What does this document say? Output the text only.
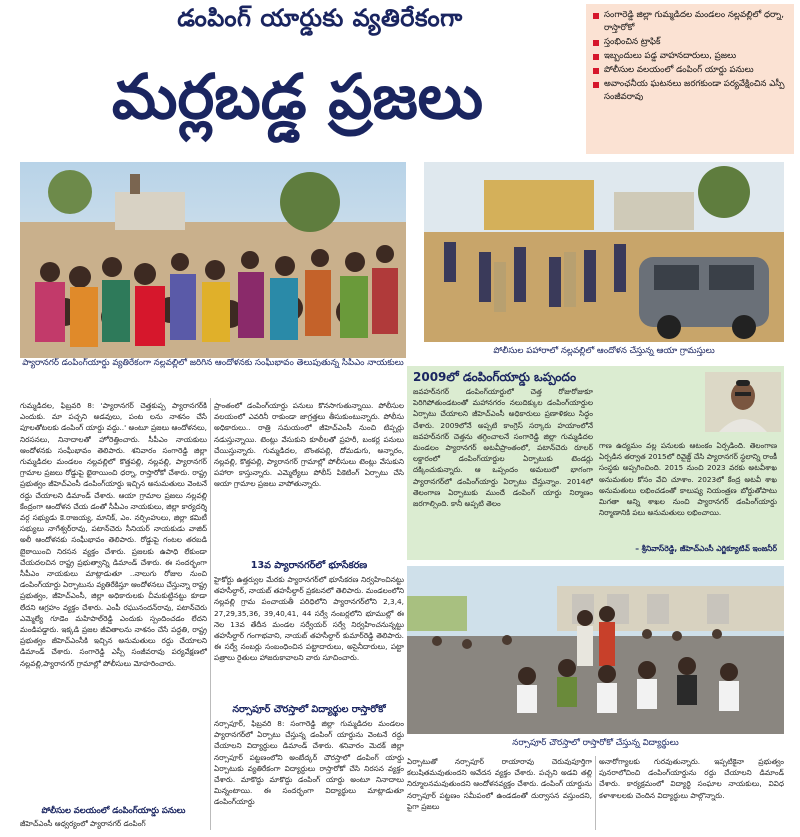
డంపింగ్ యార్డుకు వ్యతిరేకంగా
మర్లబడ్డ ప్రజలు
సంగారెడ్డి జిల్లా గుమ్మడిదల మండలం నల్లవల్లిలో ధర్నా, రాస్తారోకో
స్తంభించిన ట్రాఫిక్
ఇబ్బందులు పడ్డ వాహనదారులు, ప్రజలు
పోలీసుల వలయంలో డంపింగ్ యార్డు పనులు
అవాంఛనీయ ఘటనలు జరగకుండా పర్యవేక్షించిన ఎస్పీ సంజీవరావు
ప్యారానగర్ డంపింగ్‌యార్డు వ్యతిరేకంగా నల్లవల్లిలో జరిగిన ఆందోళనకు సంఘీభావం తెలుపుతున్న సీపీఎం నాయకులు
పోలీసుల పహారాలో నల్లవల్లిలో ఆందోళన చేస్తున్న ఆయా గ్రామస్తులు

గుమ్మడిదల, ఫిబ్రవరి 8: 'ప్యారానగర్ చెత్తకుప్ప ప్యారానగర్‌కి ఎందుకు. మా పచ్చని అడవులు, పంట లను నాశనం చేసే పూలతోటలకు డంపింగ్ యార్డు వద్దు..' అంటూ ప్రజలు ఆందోళనలు, నిరసనలు, నినాదాలతో హోరెత్తించారు. సీపీఎం నాయకులు ఆందోళనకు సంఘీభావం తెలిపారు. శనివారం సంగారెడ్డి జిల్లా గుమ్మడిదల మండలం నల్లవల్లిలో కొత్తపల్లి, నల్లవల్లి, ప్యారానగర్ గ్రామాల ప్రజలు రోడ్డుపై భైఠాయించి ధర్నా, రాస్తారోకో చేశారు. రాష్ట్ర ప్రభుత్వం జీహెచ్‌ఎంసీ డంపింగ్‌యార్డు ఇచ్చిన అనుమతులు వెంటనే రద్దు చేయాలని డిమాండ్ చేశారు. ఆయా గ్రామాల ప్రజలు నల్లవల్లి కేంద్రంగా ఆందోళన చేయ డంతో సీపీఎం నాయకులు, జిల్లా కార్యదర్శి వర్గ సభ్యుడు కె.రాజయ్య, మానిక్, ఎం. నర్సింహులు, జిల్లా కమిటీ సభ్యులు నాగేశ్వర్‌రావు, పటాన్‌చెరు సీనియర్ నాయకుడు వాజిద్ అలీ ఆందోళనకు సంఘీభావం తెలిపారు. రోడ్డుపై గంటల తరబడి బైఠాయించి నిరసన వ్యక్తం చేశారు. ప్రజలకు ఉపాధి లేకుండా చేయదలచిన రాష్ట్ర ప్రభుత్వాన్ని డిమాండ్ చేశారు. ఈ సందర్భంగా సీపీఎం నాయకులు మాట్లాడుతూ ..నాలుగు రోజుల నుంచి డంపింగ్‌యార్డు ఏర్పాటును వ్యతిరేకిస్తూ ఆందోళనలు చేస్తున్నా రాష్ట్ర ప్రభుత్వం, జీహెచ్‌ఎంసీ, జిల్లా అధికారులకు చీమకుట్టినట్టు కూడా లేదని ఆగ్రహం వ్యక్తం చేశారు. ఎంపీ రఘునందన్‌రావు, పటాన్‌చెరు ఎమ్మెల్యే గూడెం మహిపాల్‌రెడ్డి ఎందుకు స్పందించడం లేదని మండిపడ్డారు. ఇక్కడి ప్రజల జీవితాలను నాశనం చేసే పద్దతి, రాష్ట్ర ప్రభుత్వం జీహెచ్‌ఎంసీకి ఇచ్చిన అనుమతులు రద్దు చేయాలని డిమాండ్ చేశారు. సంగారెడ్డి ఎస్పీ సంజీవరావు పర్యవేక్షణలో నల్లవల్లి,ప్యారానగర్ గ్రామాల్లో పోలీసులు మోహరించారు.

పోలీసుల వలయంలో డంపింగ్‌యార్డు పనులు
జీహెచ్‌ఎంసీ ఆధ్వర్యంలో ప్యారానగర్ డంపింగ్

ప్రాంతంలో డంపింగ్‌యార్డు పనులు కొనసాగుతున్నాయి. పోలీసుల వలయంలో ఎవరినీ రాకుండా జాగ్రత్తలు తీసుకుంటున్నారు. పోలీసు అధికారులు.. రాత్రి సమయంలో జీహెచ్‌ఎంసీ నుంచి టిప్పర్లు నడుస్తున్నాయి. టెంట్లు వేసుకుని కూలీలతో ప్రహరీ, బంకర్ల పనులు చేయిస్తున్నారు. గుమ్మడిదల, బొంతపల్లి, దోమడుగు, అన్నారం, నల్లవల్లి, కొత్తపల్లి, ప్యారానగర్ గ్రామాల్లో పోలీసులు టెంట్లు వేసుకుని పహారా కాస్తున్నారు. ఎమ్మెల్యేలు పోలీస్ పికెటింగ్ ఏర్పాటు చేసి ఆయా గ్రామాల ప్రజలు వాపోతున్నారు.

13వ ప్యారానగర్‌లో భూసేకరణ

హైకోర్టు ఉత్తర్వుల మేరకు ప్యారానగర్‌లో భూసేకరణ నిర్వహించినట్టు తహసీల్దార్, నాయబ్ తహసీల్దార్ ప్రకటనలో తెలిపారు. మండలంలోని నల్లవల్లి గ్రామ పంచాయతీ పరిధిలోని ప్యారానగర్‌లోని 2,3,4, 27,29,35,36, 39,40,41, 44 సర్వే నంబర్లలోని భూముల్లో ఈ నెల 13వ తేదీన మండల సర్వేయర్ సర్వే నిర్వహించనున్నట్టు తహసీల్దార్ గంగాభవాని, నాయబ్ తహసీల్దార్ కుమార్‌రెడ్డి తెలిపారు. ఈ సర్వే నంబర్లు సంబంధించిన పట్టాదారులు, అసైనీదారులు, పట్టా పత్రాలు రైతులు హాజరుకావాలని వారు సూచించారు.

నర్సాపూర్ చౌరస్తాలో విద్యార్థుల రాస్తారోకో

నర్సాపూర్, ఫిబ్రవరి 8: సంగారెడ్డి జిల్లా గుమ్మడిదల మండలం ప్యారానగర్‌లో ఏర్పాటు చేస్తున్న డంపింగ్ యార్డును వెంటనే రద్దు చేయాలని విద్యార్థులు డిమాండ్ చేశారు. శనివారం మెదక్ జిల్లా నర్సాపూర్ పట్టణంలోని అంబేద్కర్ చౌరస్తాలో డంపింగ్ యార్డు ఏర్పాటుకు వ్యతిరేకంగా విద్యార్థులు రాస్తారోకో చేసి నిరసన వ్యక్తం చేశారు. మాకొద్దు మాకొద్దు డంపింగ్ యార్డు అంటూ నినాదాలు మిన్నంటాయి. ఈ సందర్భంగా విద్యార్థులు మాట్లాడుతూ డంపింగ్‌యార్డు

2009లో డంపింగ్‌యార్డు ఒప్పందం
జవహర్‌నగర్ డంపింగ్‌యార్డులో చెత్త రోజురోజుకూ పెరిగిపోతుండటంతో మహానగరం నలుదిక్కుల డంపింగ్‌యార్డుల ఏర్పాటు చేయాలని జీహెచ్‌ఎంసీ అధికారులు ప్రణాళికలు సిద్ధం చేశారు. 2009లోనే అప్పటి కాంగ్రెస్ సర్కారు హయాంలోనే జవహర్‌నగర్ చెత్తను తగ్గించాలనే సంగారెడ్డి జిల్లా గుమ్మడిదల మండలం ప్యారానగర్ అటవీప్రాంతంలో, పటాన్‌చెరు రూలర్ లక్డారంలో డంపింగ్‌యార్డుల ఏర్పాటుకు టెండర్లు దక్కించుకున్నారు. ఆ ఒప్పందం అమలులో భాగంగా ప్యారానగర్‌లో డంపింగ్‌యార్డు ఏర్పాటు చేస్తున్నాం. 2014లో తెలంగాణ ఏర్పాటుకు ముందే డంపింగ్ యార్డు నిర్మాణం జరగాల్సింది. కానీ అప్పటి తెలం
గాణ ఉద్యమం వల్ల పనులకు ఆటంకం ఏర్పడింది. తెలంగాణ ఏర్పడిన తర్వాత 2015లో రివైజ్డ్ చేసి ప్యారానగర్ స్థలాన్ని రాంకీ సంస్థకు అప్పగించింది. 2015 నుంచి 2023 వరకు అటవీశాఖ అనుమతుల కోసం వేచి చూశాం. 2023లో కేంద్ర అటవీ శాఖ అనుమతులు లభించడంతో కాలుష్య నియంత్రణ బోర్డుతోపాటు మిగతా అన్ని శాఖల నుంచి ప్యారానగర్ డంపింగ్‌యార్డు నిర్మాణానికి పలు అనుమతులు లభించాయి.
– శ్రీనివాస్‌రెడ్డి, జీహెచ్‌ఎంసీ ఎగ్జిక్యూటివ్ ఇంజనీర్
నర్సాపూర్ చౌరస్తాలో రాస్తారోకో చేస్తున్న విద్యార్థులు
ఏర్పాటుతో నర్సాపూర్ రాయారావు చెరువుపూర్తిగా కలుషితమవుతుందని ఆవేదన వ్యక్తం చేశారు. పచ్చని అడవి తల్లి నిర్మూలనమవుతుందని ఆందోళనవ్యక్తం చేశారు. డంపింగ్ యార్డును నర్సాపూర్ పట్టణం సమీపంలో ఉండడంతో దుర్వాసన వస్తుందని, పైగా ప్రజలు
అనారోగ్యాలకు గురవుతున్నారు. ఇప్పటికైనా ప్రభుత్వం పునరాలోచించి డంపింగ్‌యార్డును రద్దు చేయాలని డిమాండ్ చేశారు. కార్యక్రమంలో విద్యార్థి సంఘాల నాయకులు, వివిధ కళాశాలలకు చెందిన విద్యార్థులు పాల్గొన్నారు.
